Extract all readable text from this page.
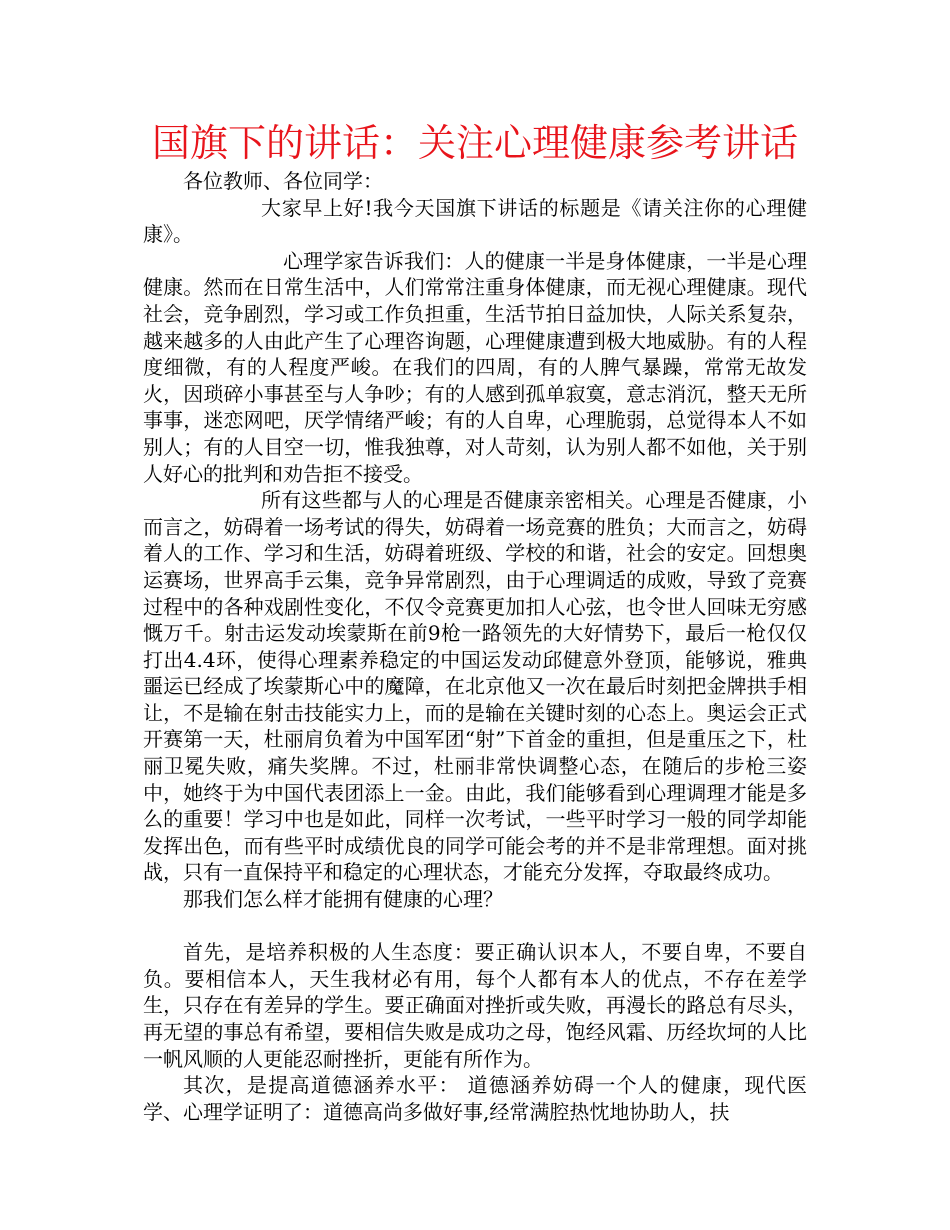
国旗下的讲话：关注心理健康参考讲话

各位教师、各位同学：

大家早上好!我今天国旗下讲话的标题是《请关注你的心理健康》。

心理学家告诉我们：人的健康一半是身体健康，一半是心理健康。然而在日常生活中，人们常常注重身体健康，而无视心理健康。现代社会，竞争剧烈，学习或工作负担重，生活节拍日益加快，人际关系复杂，越来越多的人由此产生了心理咨询题，心理健康遭到极大地威胁。有的人程度细微，有的人程度严峻。在我们的四周，有的人脾气暴躁，常常无故发火，因琐碎小事甚至与人争吵；有的人感到孤单寂寞，意志消沉，整天无所事事，迷恋网吧，厌学情绪严峻；有的人自卑，心理脆弱，总觉得本人不如别人；有的人目空一切，惟我独尊，对人苛刻，认为别人都不如他，关于别人好心的批判和劝告拒不接受。

所有这些都与人的心理是否健康亲密相关。心理是否健康，小而言之，妨碍着一场考试的得失，妨碍着一场竞赛的胜负；大而言之，妨碍着人的工作、学习和生活，妨碍着班级、学校的和谐，社会的安定。回想奥运赛场，世界高手云集，竞争异常剧烈，由于心理调适的成败，导致了竞赛过程中的各种戏剧性变化，不仅令竞赛更加扣人心弦，也令世人回味无穷感慨万千。射击运发动埃蒙斯在前9枪一路领先的大好情势下，最后一枪仅仅打出4.4环，使得心理素养稳定的中国运发动邱健意外登顶，能够说，雅典噩运已经成了埃蒙斯心中的魔障，在北京他又一次在最后时刻把金牌拱手相让，不是输在射击技能实力上，而的是输在关键时刻的心态上。奥运会正式开赛第一天，杜丽肩负着为中国军团“射”下首金的重担，但是重压之下，杜丽卫冕失败，痛失奖牌。不过，杜丽非常快调整心态，在随后的步枪三姿中，她终于为中国代表团添上一金。由此，我们能够看到心理调理才能是多么的重要！学习中也是如此，同样一次考试，一些平时学习一般的同学却能发挥出色，而有些平时成绩优良的同学可能会考的并不是非常理想。面对挑战，只有一直保持平和稳定的心理状态，才能充分发挥，夺取最终成功。

那我们怎么样才能拥有健康的心理？

首先，是培养积极的人生态度：要正确认识本人，不要自卑，不要自负。要相信本人，天生我材必有用，每个人都有本人的优点，不存在差学生，只存在有差异的学生。要正确面对挫折或失败，再漫长的路总有尽头，再无望的事总有希望，要相信失败是成功之母，饱经风霜、历经坎坷的人比一帆风顺的人更能忍耐挫折，更能有所作为。

其次，是提高道德涵养水平： 道德涵养妨碍一个人的健康，现代医学、心理学证明了：道德高尚多做好事,经常满腔热忱地协助人，扶
